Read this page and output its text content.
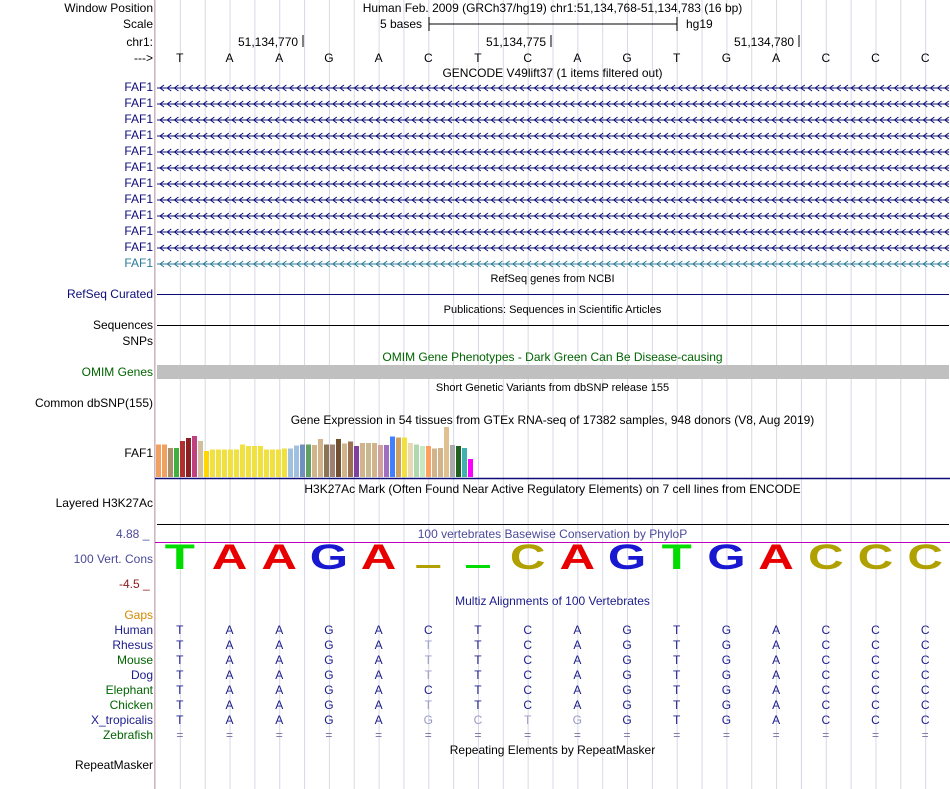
Window Position	Human Feb. 2009 (GRCh37/hg19) chr1:51,134,768-51,134,783 (16 bp)
Scale	5 bases	hg19
chr1:	51,134,770	51,134,775	51,134,780
--->	T	A	A	G	A	C	T	C	A	G	T	G	A	C	C	C
GENCODE V49lift37 (1 items filtered out)
FAF1
FAF1
FAF1
FAF1
FAF1
FAF1
FAF1
FAF1
FAF1
FAF1
FAF1
FAF1
RefSeq genes from NCBI
RefSeq Curated
Publications: Sequences in Scientific Articles
Sequences
SNPs
OMIM Gene Phenotypes - Dark Green Can Be Disease-causing
OMIM Genes
Short Genetic Variants from dbSNP release 155
Common dbSNP(155)
Gene Expression in 54 tissues from GTEx RNA-seq of 17382 samples, 948 donors (V8, Aug 2019)
FAF1
H3K27Ac Mark (Often Found Near Active Regulatory Elements) on 7 cell lines from ENCODE
Layered H3K27Ac
100 vertebrates Basewise Conservation by PhyloP
100 Vert. Cons
4.88 _
-4.5 _
T A A G A	C A G T G A C C C
Multiz Alignments of 100 Vertebrates
Gaps
Human	T	A	A	G	A	C	T	C	A	G	T	G	A	C	C	C
Rhesus	T	A	A	G	A	T	T	C	A	G	T	G	A	C	C	C
Mouse	T	A	A	G	A	T	T	C	A	G	T	G	A	C	C	C
Dog	T	A	A	G	A	T	T	C	A	G	T	G	A	C	C	C
Elephant	T	A	A	G	A	C	T	C	A	G	T	G	A	C	C	C
Chicken	T	A	A	G	A	T	T	C	A	G	T	G	A	C	C	C
X_tropicalis	T	A	A	G	A	G	C	T	G	G	T	G	A	C	C	C
Zebrafish	=	=	=	=	=	=	=	=	=	=	=	=	=	=	=	=
Repeating Elements by RepeatMasker
RepeatMasker
